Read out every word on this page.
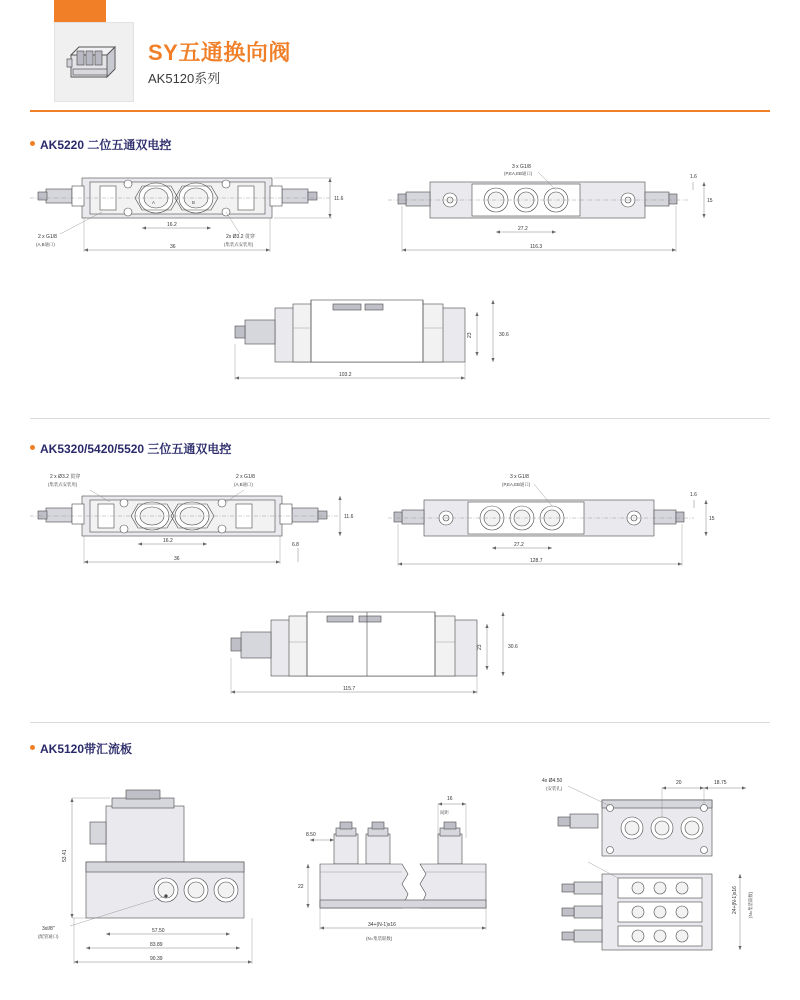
SY五通换向阀
AK5120系列
AK5220 二位五通双电控
16.2
36
11.6
2 x G1/8
(A,B通口)
2x Ø3.2 贯穿
(集装式安装用)
A	B
3 x G1/8
(P,EA,EB通口)
27.2
116.3
1.6
15
23	30.6
103.2
AK5320/5420/5520 三位五通双电控
2 x Ø3.2 贯穿
(集装式安装用)
2 x G1/8
(A,B通口)
16.2
36
6.8
11.6
3 x G1/8
(P,EA,EB通口)
27.2
128.7
1.6
15
23	30.6
115.7
AK5120带汇流板
3xI/8"
(配管通口)
53.41
57.50
83.89
90.39
16
间距
8.50
22
34+(N-1)x16
(N=集装联数)
4x Ø4.50
(安装孔)
20	18.75
24+(N-1)x16 (N=集装联数)
